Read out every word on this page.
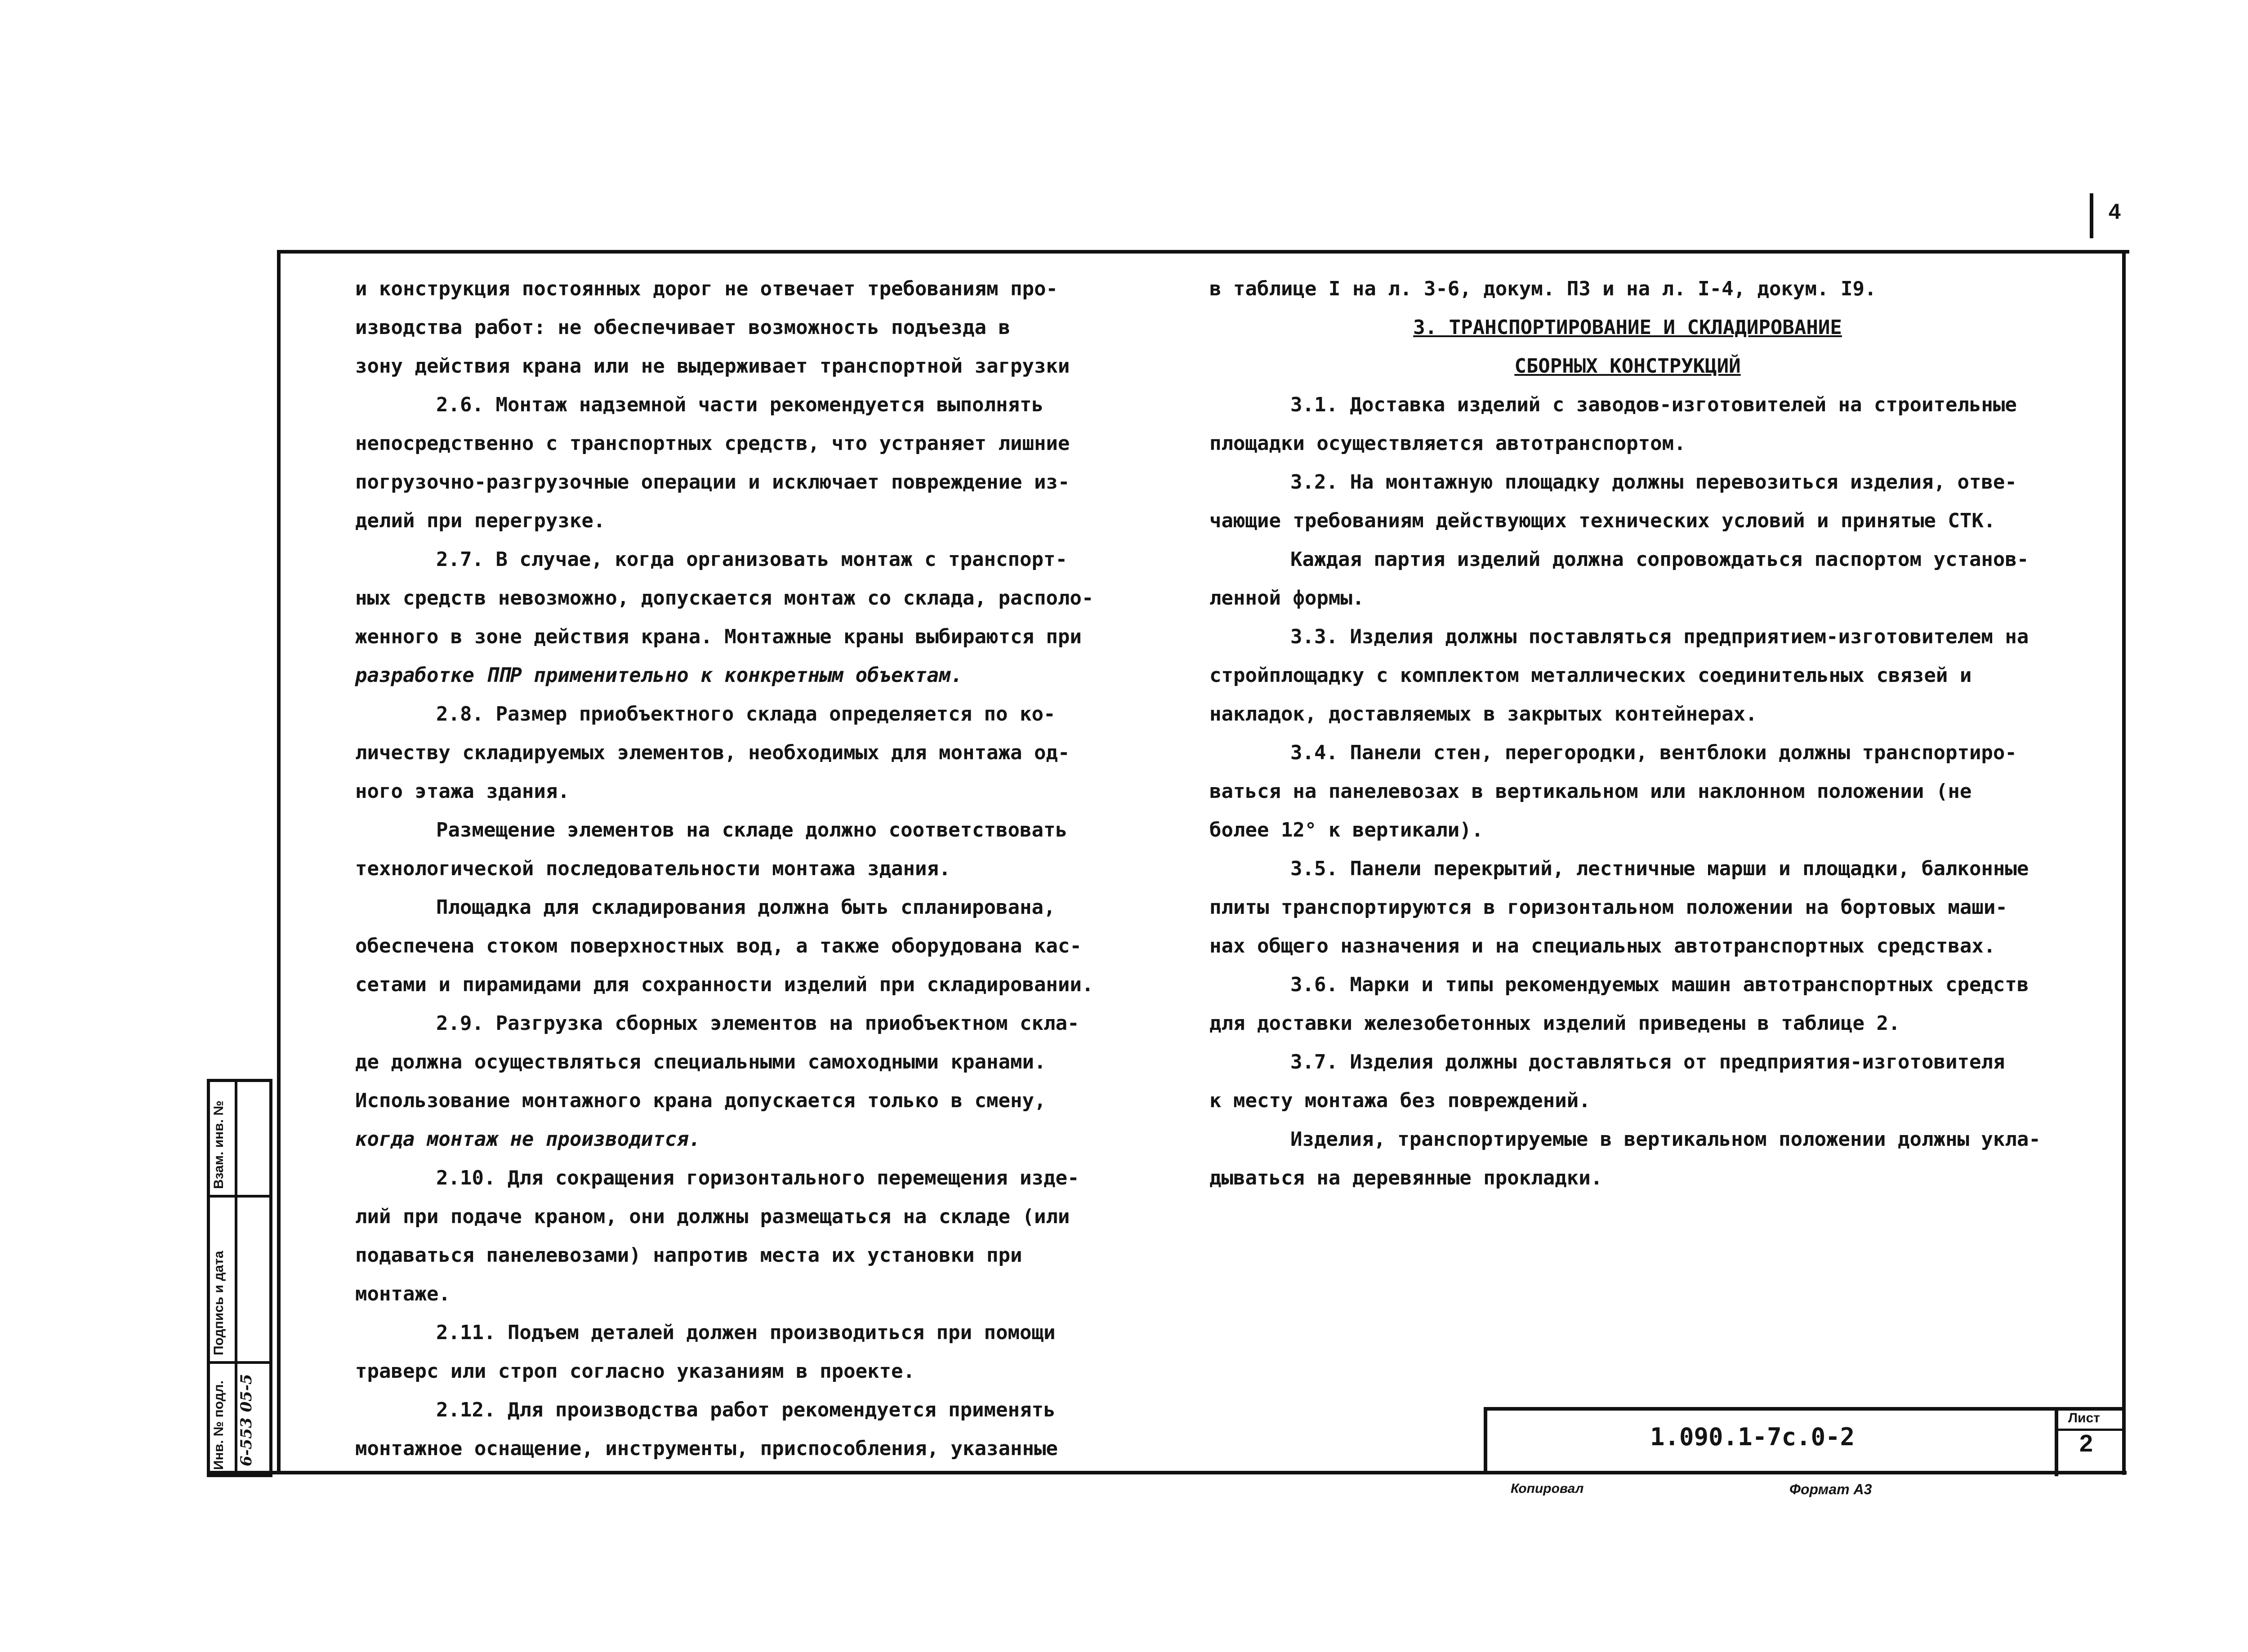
4

и конструкция постоянных дорог не отвечает требованиям про-

изводства работ: не обеспечивает возможность подъезда в

зону действия крана или не выдерживает транспортной загрузки

2.6. Монтаж надземной части рекомендуется выполнять

непосредственно с транспортных средств, что устраняет лишние

погрузочно-разгрузочные операции и исключает повреждение из-

делий при перегрузке.

2.7. В случае, когда организовать монтаж с транспорт-

ных средств невозможно, допускается монтаж со склада, располо-

женного в зоне действия крана. Монтажные краны выбираются при

разработке ППР применительно к конкретным объектам.

2.8. Размер приобъектного склада определяется по ко-

личеству складируемых элементов, необходимых для монтажа од-

ного этажа здания.

Размещение элементов на складе должно соответствовать

технологической последовательности монтажа здания.

Площадка для складирования должна быть спланирована,

обеспечена стоком поверхностных вод, а также оборудована кас-

сетами и пирамидами для сохранности изделий при складировании.

2.9. Разгрузка сборных элементов на приобъектном скла-

де должна осуществляться специальными самоходными кранами.

Использование монтажного крана допускается только в смену,

когда монтаж не производится.

2.10. Для сокращения горизонтального перемещения изде-

лий при подаче краном, они должны размещаться на складе (или

подаваться панелевозами) напротив места их установки при

монтаже.

2.11. Подъем деталей должен производиться при помощи

траверс или строп согласно указаниям в проекте.

2.12. Для производства работ рекомендуется применять

монтажное оснащение, инструменты, приспособления, указанные

в таблице I на л. 3-6, докум. П3 и на л. I-4, докум. I9.

3. ТРАНСПОРТИРОВАНИЕ И СКЛАДИРОВАНИЕ

СБОРНЫХ КОНСТРУКЦИЙ

3.1. Доставка изделий с заводов-изготовителей на строительные

площадки осуществляется автотранспортом.

3.2. На монтажную площадку должны перевозиться изделия, отве-

чающие требованиям действующих технических условий и принятые СТК.

Каждая партия изделий должна сопровождаться паспортом установ-

ленной формы.

3.3. Изделия должны поставляться предприятием-изготовителем на

стройплощадку с комплектом металлических соединительных связей и

накладок, доставляемых в закрытых контейнерах.

3.4. Панели стен, перегородки, вентблоки должны транспортиро-

ваться на панелевозах в вертикальном или наклонном положении (не

более 12° к вертикали).

3.5. Панели перекрытий, лестничные марши и площадки, балконные

плиты транспортируются в горизонтальном положении на бортовых маши-

нах общего назначения и на специальных автотранспортных средствах.

3.6. Марки и типы рекомендуемых машин автотранспортных средств

для доставки железобетонных изделий приведены в таблице 2.

3.7. Изделия должны доставляться от предприятия-изготовителя

к месту монтажа без повреждений.

Изделия, транспортируемые в вертикальном положении должны укла-

дываться на деревянные прокладки.

1.090.1-7с.0-2
Лист
2
Копировал	Формат А3
Инв. № подл.
Подпись и дата
Взам. инв. №
6-553 05-5
